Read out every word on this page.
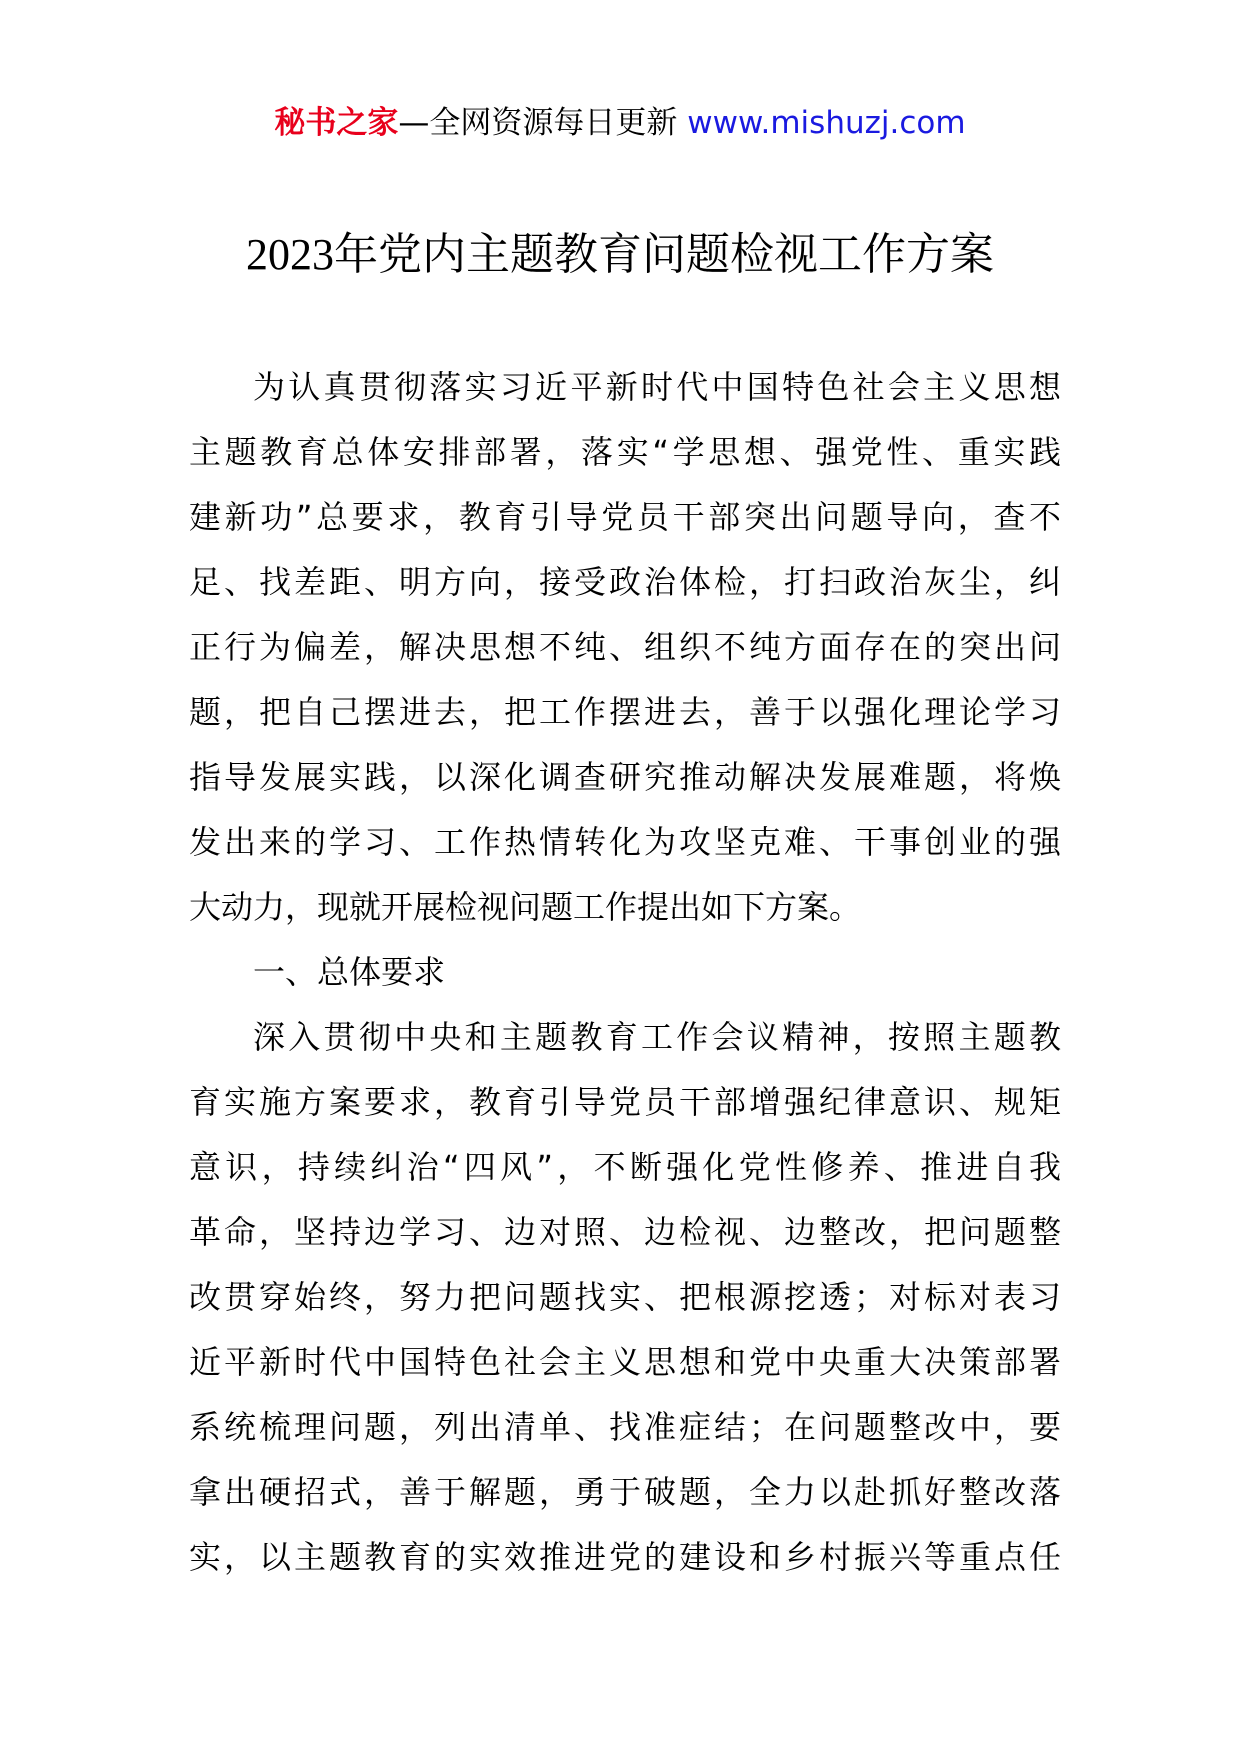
秘书之家—全网资源每日更新 www.mishuzj.com
2023年党内主题教育问题检视工作方案
为认真贯彻落实习近平新时代中国特色社会主义思想
主题教育总体安排部署，落实“学思想、强党性、重实践
建新功”总要求，教育引导党员干部突出问题导向，查不
足、找差距、明方向，接受政治体检，打扫政治灰尘，纠
正行为偏差，解决思想不纯、组织不纯方面存在的突出问
题，把自己摆进去，把工作摆进去，善于以强化理论学习
指导发展实践，以深化调查研究推动解决发展难题，将焕
发出来的学习、工作热情转化为攻坚克难、干事创业的强
大动力，现就开展检视问题工作提出如下方案。
一、总体要求
深入贯彻中央和主题教育工作会议精神，按照主题教
育实施方案要求，教育引导党员干部增强纪律意识、规矩
意识，持续纠治“四风”，不断强化党性修养、推进自我
革命，坚持边学习、边对照、边检视、边整改，把问题整
改贯穿始终，努力把问题找实、把根源挖透；对标对表习
近平新时代中国特色社会主义思想和党中央重大决策部署
系统梳理问题，列出清单、找准症结；在问题整改中，要
拿出硬招式，善于解题，勇于破题，全力以赴抓好整改落
实，以主题教育的实效推进党的建设和乡村振兴等重点任
